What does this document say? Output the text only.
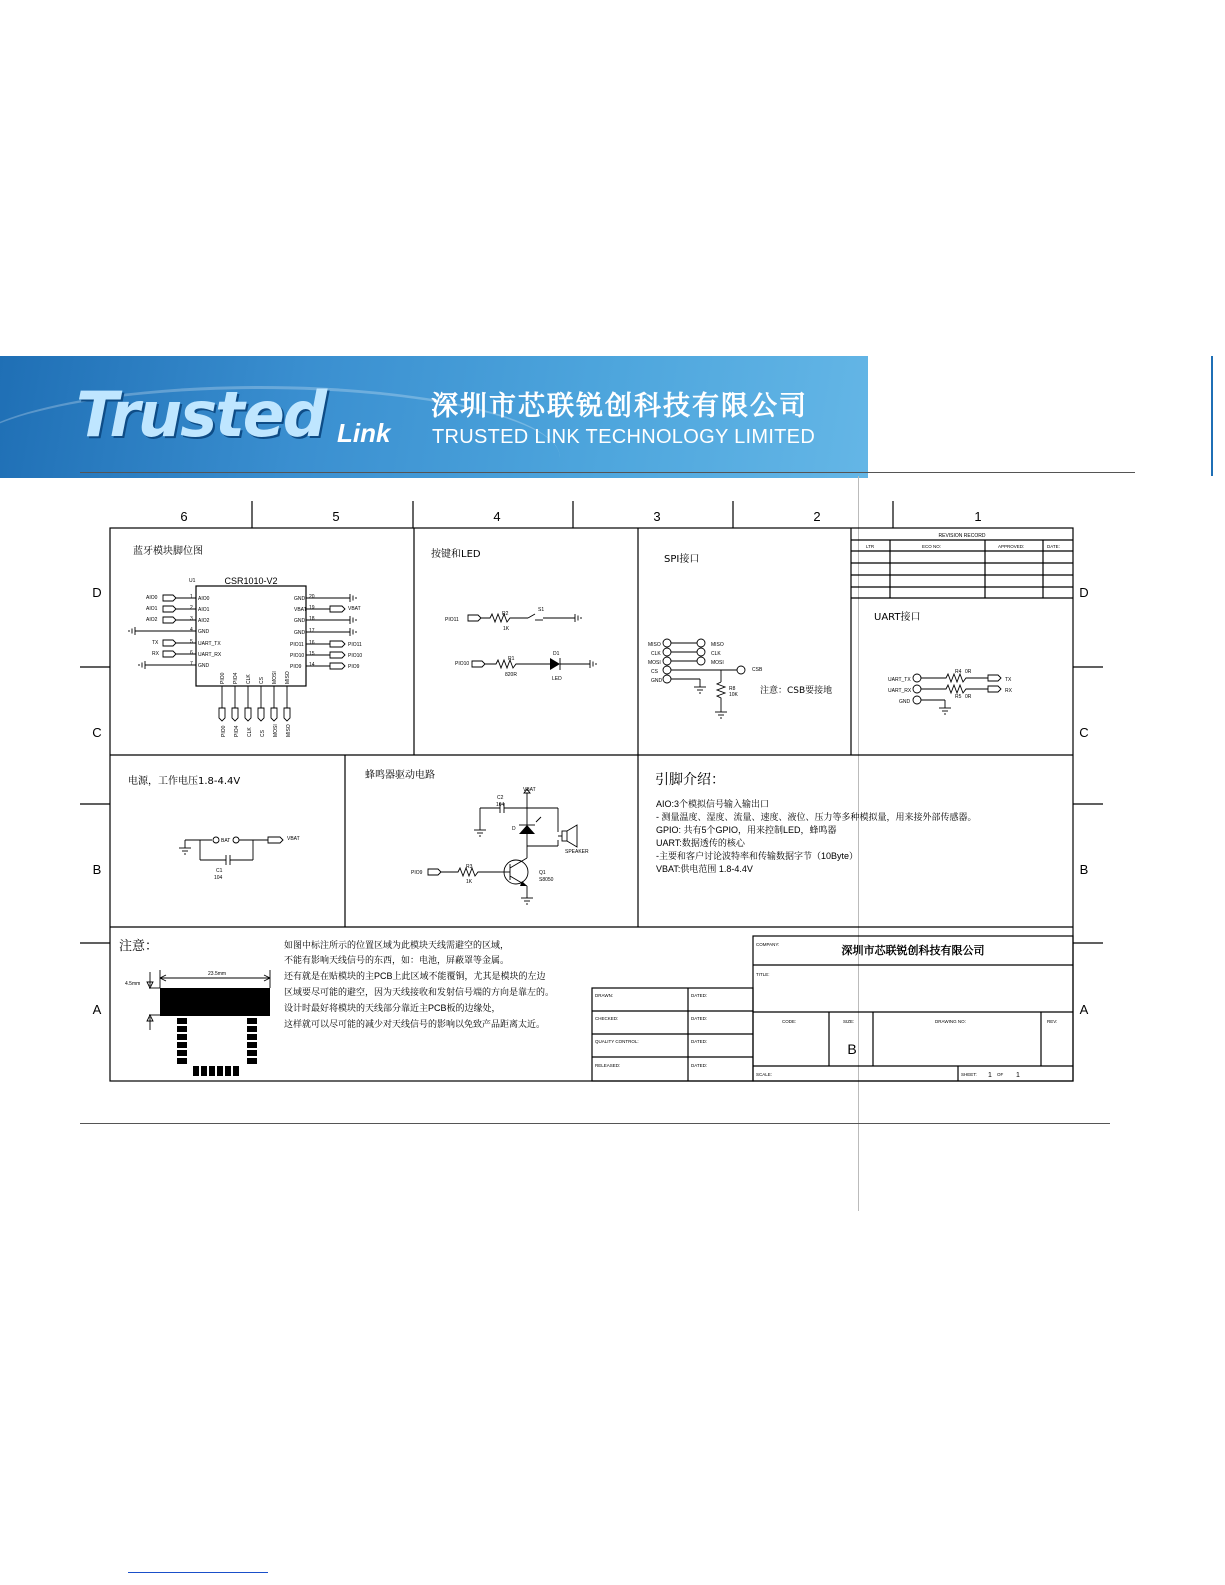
Trusted Link
深圳市芯联锐创科技有限公司
TRUSTED LINK TECHNOLOGY LIMITED
6	5	4	3	2	1
D
C
B
A
D
C
B
A
蓝牙模块脚位图
CSR1010-V2
U1
AIO0	1 AIO0
AIO1	2 AIO1
AIO2	3 AIO2
4 GND
TX	5 UART_TX
RX	6 UART_RX
7 GND
GND 20
VBAT 19	VBAT
GND 18
GND 17
PIO11 16	PIO11
PIO10 15	PIO10
PIO9 14	PIO9
PIO0 PIO4 CLK CS MOSI MISO
PIO0 PIO4 CLK CS MOSI MISO
按键和LED
PIO11
R2
1K
S1
PIO10
R1
820R
D1
LED
SPI接口
MISO
CLK
MOSI
CS
GND
MISO
CLK
MOSI
CSB
R8
10K 注意：CSB要接地
REVISION RECORD
LTR	ECO NO:	APPROVED:	DATE:
UART接口
UART_TX
UART_RX
GND
TX
RX
R4 0R
R5 0R
电源，工作电压1.8-4.4V
BAT	VBAT
C1
104
蜂鸣器驱动电路
VBAT
C2
104
D
SPEAKER
PIO9
R3
1K
Q1
S8050
引脚介绍：
AIO:3个模拟信号输入输出口
- 测量温度、湿度、流量、速度、液位、压力等多种模拟量，用来接外部传感器。
GPIO: 共有5个GPIO，用来控制LED，蜂鸣器
UART:数据透传的核心
-主要和客户讨论波特率和传输数据字节（10Byte）
VBAT:供电范围 1.8-4.4V
注意：	如图中标注所示的位置区域为此模块天线需避空的区域，
不能有影响天线信号的东西，如：电池，屏蔽罩等金属。
还有就是在贴模块的主PCB上此区域不能覆铜，尤其是模块的左边
区域要尽可能的避空，因为天线接收和发射信号端的方向是靠左的。
设计时最好将模块的天线部分靠近主PCB板的边缘处，
这样就可以尽可能的减少对天线信号的影响以免致产品距离太近。
23.5mm
4.5mm
COMPANY:
TITLE:
DRAWN:
CHECKED:
QUALITY CONTROL:
RELEASED:
DATED:
DATED:
DATED:
DATED:
CODE:	SIZE:	DRAWING NO:	REV:
SCALE:	SHEET:	OF
1	1
深圳市芯联锐创科技有限公司
B
